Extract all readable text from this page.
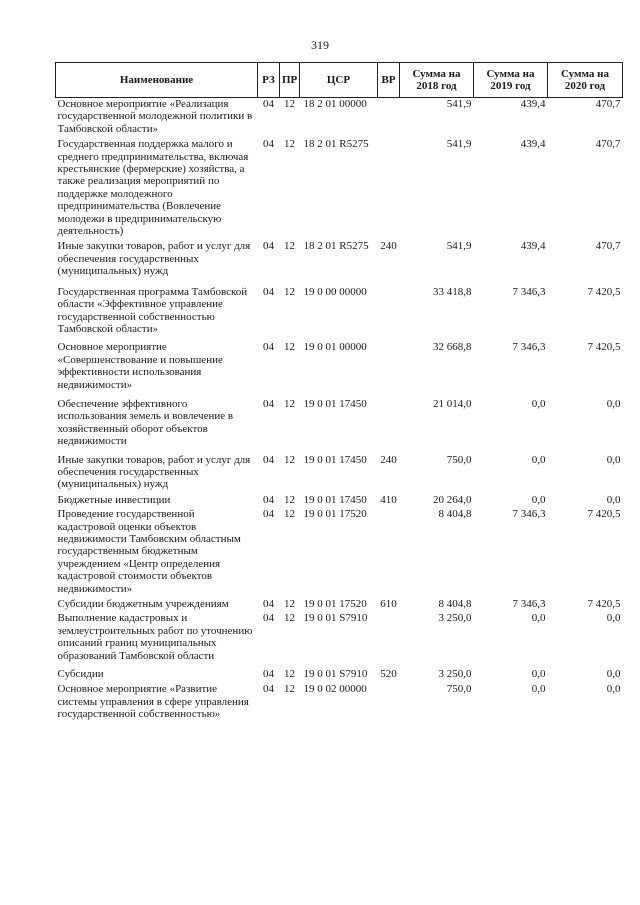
319
Наименование	РЗ	ПР	ЦСР	ВР	Сумма на 2018 год	Сумма на 2019 год	Сумма на 2020 год
Основное мероприятие «Реализация государственной молодежной политики в Тамбовской области»	04	12	18 2 01 00000		541,9	439,4	470,7
Государственная поддержка малого и среднего предпринимательства, включая крестьянские (фермерские) хозяйства, а также реализация мероприятий по поддержке молодежного предпринимательства (Вовлечение молодежи в предпринимательскую деятельность)	04	12	18 2 01 R5275		541,9	439,4	470,7
Иные закупки товаров, работ и услуг для обеспечения государственных (муниципальных) нужд	04	12	18 2 01 R5275	240	541,9	439,4	470,7
Государственная программа Тамбовской области «Эффективное управление государственной собственностью Тамбовской области»	04	12	19 0 00 00000		33 418,8	7 346,3	7 420,5
Основное мероприятие «Совершенствование и повышение эффективности использования недвижимости»	04	12	19 0 01 00000		32 668,8	7 346,3	7 420,5
Обеспечение эффективного использования земель и вовлечение в хозяйственный оборот объектов недвижимости	04	12	19 0 01 17450		21 014,0	0,0	0,0
Иные закупки товаров, работ и услуг для обеспечения государственных (муниципальных) нужд	04	12	19 0 01 17450	240	750,0	0,0	0,0
Бюджетные инвестиции	04	12	19 0 01 17450	410	20 264,0	0,0	0,0
Проведение государственной кадастровой оценки объектов недвижимости Тамбовским областным государственным бюджетным учреждением «Центр определения кадастровой стоимости объектов недвижимости»	04	12	19 0 01 17520		8 404,8	7 346,3	7 420,5
Субсидии бюджетным учреждениям	04	12	19 0 01 17520	610	8 404,8	7 346,3	7 420,5
Выполнение кадастровых и землеустроительных работ по уточнению описаний границ муниципальных образований Тамбовской области	04	12	19 0 01 S7910		3 250,0	0,0	0,0
Субсидии	04	12	19 0 01 S7910	520	3 250,0	0,0	0,0
Основное мероприятие «Развитие системы управления в сфере управления государственной собственностью»	04	12	19 0 02 00000		750,0	0,0	0,0
